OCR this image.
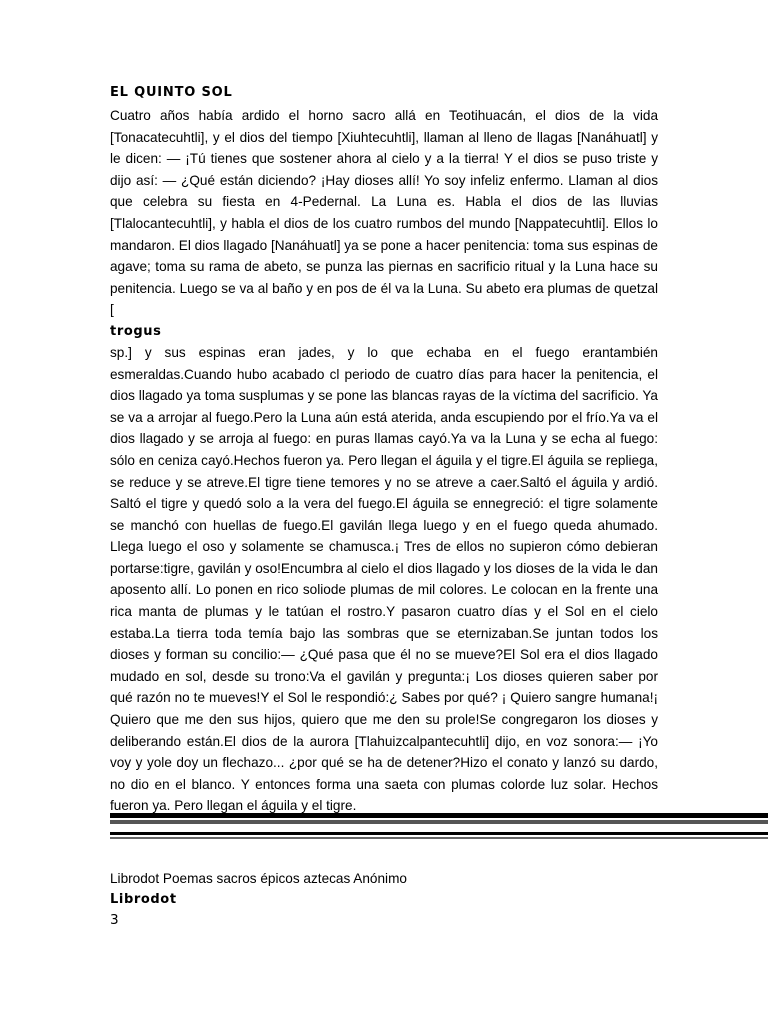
EL QUINTO SOL

Cuatro años había ardido el horno sacro allá en Teotihuacán, el dios de la vida [Tonacatecuhtli], y el dios del tiempo [Xiuhtecuhtli], llaman al lleno de llagas [Nanáhuatl] y le dicen: — ¡Tú tienes que sostener ahora al cielo y a la tierra! Y el dios se puso triste y dijo así: — ¿Qué están diciendo? ¡Hay dioses allí! Yo soy infeliz enfermo. Llaman al dios que celebra su fiesta en 4-Pedernal. La Luna es. Habla el dios de las lluvias [Tlalocantecuhtli], y habla el dios de los cuatro rumbos del mundo [Nappatecuhtli]. Ellos lo mandaron. El dios llagado [Nanáhuatl] ya se pone a hacer penitencia: toma sus espinas de agave; toma su rama de abeto, se punza las piernas en sacrificio ritual y la Luna hace su penitencia. Luego se va al baño y en pos de él va la Luna. Su abeto era plumas de quetzal [

trogus

sp.] y sus espinas eran jades, y lo que echaba en el fuego erantambién esmeraldas.Cuando hubo acabado cl periodo de cuatro días para hacer la penitencia, el dios llagado ya toma susplumas y se pone las blancas rayas de la víctima del sacrificio. Ya se va a arrojar al fuego.Pero la Luna aún está aterida, anda escupiendo por el frío.Ya va el dios llagado y se arroja al fuego: en puras llamas cayó.Ya va la Luna y se echa al fuego: sólo en ceniza cayó.Hechos fueron ya. Pero llegan el águila y el tigre.El águila se repliega, se reduce y se atreve.El tigre tiene temores y no se atreve a caer.Saltó el águila y ardió. Saltó el tigre y quedó solo a la vera del fuego.El águila se ennegreció: el tigre solamente se manchó con huellas de fuego.El gavilán llega luego y en el fuego queda ahumado. Llega luego el oso y solamente se chamusca.¡ Tres de ellos no supieron cómo debieran portarse:tigre, gavilán y oso!Encumbra al cielo el dios llagado y los dioses de la vida le dan aposento allí. Lo ponen en rico soliode plumas de mil colores. Le colocan en la frente una rica manta de plumas y le tatúan el rostro.Y pasaron cuatro días y el Sol en el cielo estaba.La tierra toda temía bajo las sombras que se eternizaban.Se juntan todos los dioses y forman su concilio:— ¿Qué pasa que él no se mueve?El Sol era el dios llagado mudado en sol, desde su trono:Va el gavilán y pregunta:¡ Los dioses quieren saber por qué razón no te mueves!Y el Sol le respondió:¿ Sabes por qué? ¡ Quiero sangre humana!¡ Quiero que me den sus hijos, quiero que me den su prole!Se congregaron los dioses y deliberando están.El dios de la aurora [Tlahuizcalpantecuhtli] dijo, en voz sonora:— ¡Yo voy y yole doy un flechazo... ¿por qué se ha de detener?Hizo el conato y lanzó su dardo, no dio en el blanco. Y entonces forma una saeta con plumas colorde luz solar. Hechos fueron ya. Pero llegan el águila y el tigre.

Librodot Poemas sacros épicos aztecas Anónimo

Librodot

3
